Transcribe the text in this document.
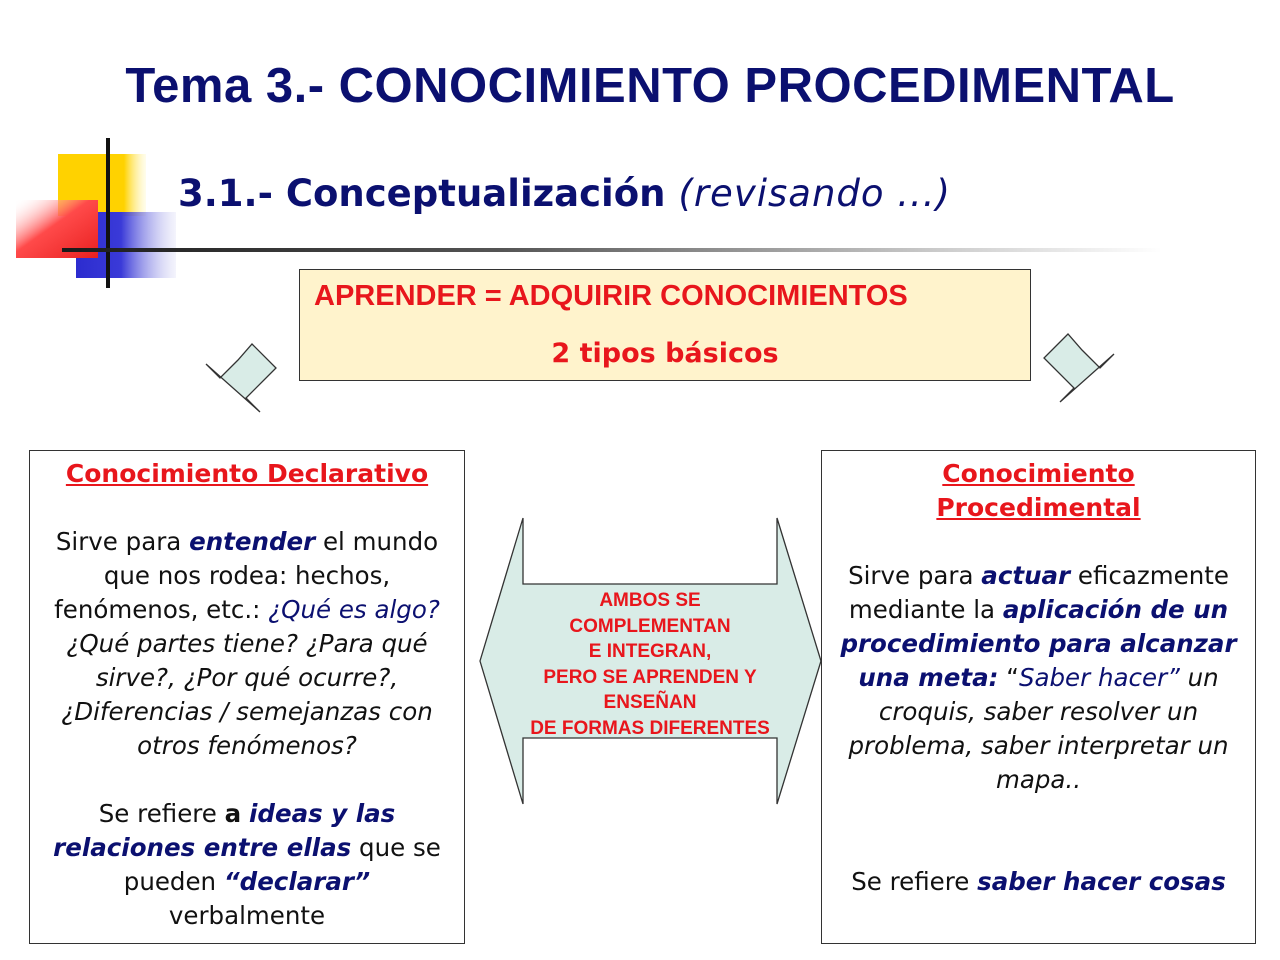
Tema 3.- CONOCIMIENTO PROCEDIMENTAL
3.1.- Conceptualización (revisando ...)
APRENDER = ADQUIRIR CONOCIMIENTOS
2 tipos básicos
Conocimiento Declarativo
Sirve para entender el mundo que nos rodea: hechos, fenómenos, etc.: ¿Qué es algo? ¿Qué partes tiene? ¿Para qué sirve?, ¿Por qué ocurre?, ¿Diferencias / semejanzas con otros fenómenos?
Se refiere a ideas y las relaciones entre ellas que se pueden “declarar” verbalmente
AMBOS SE
COMPLEMENTAN
E INTEGRAN,
PERO SE APRENDEN Y
ENSEÑAN
DE FORMAS DIFERENTES
Conocimiento
Procedimental
Sirve para actuar eficazmente mediante la aplicación de un procedimiento para alcanzar una meta: “Saber hacer” un croquis, saber resolver un problema, saber interpretar un mapa..
Se refiere saber hacer cosas
